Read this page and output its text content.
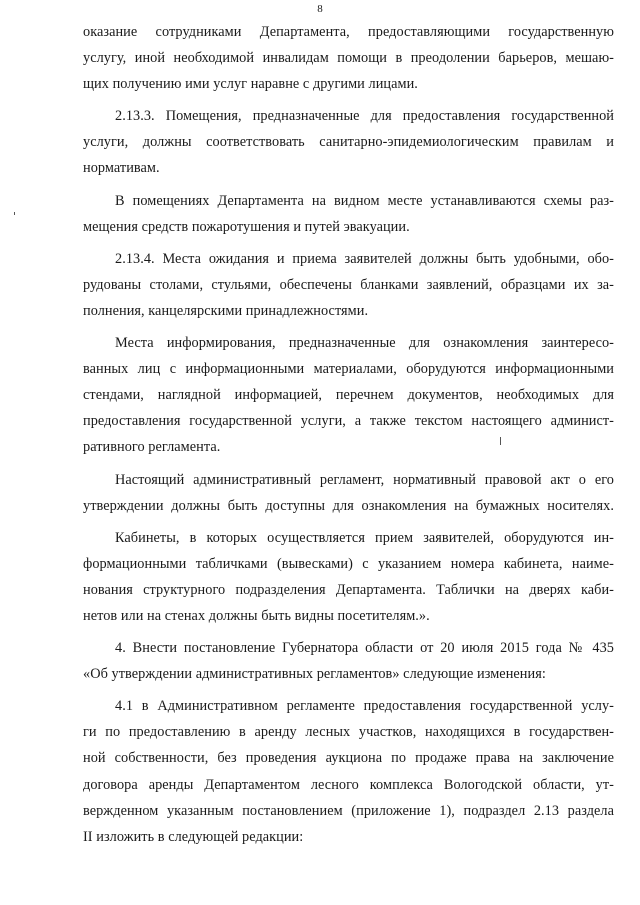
8
оказание сотрудниками Департамента, предоставляющими государственную
услугу, иной необходимой инвалидам помощи в преодолении барьеров, мешаю-
щих получению ими услуг наравне с другими лицами.
2.13.3. Помещения, предназначенные для предоставления государственной
услуги, должны соответствовать санитарно-эпидемиологическим правилам и
нормативам.
В помещениях Департамента на видном месте устанавливаются схемы раз-
мещения средств пожаротушения и путей эвакуации.
2.13.4. Места ожидания и приема заявителей должны быть удобными, обо-
рудованы столами, стульями, обеспечены бланками заявлений, образцами их за-
полнения, канцелярскими принадлежностями.
Места информирования, предназначенные для ознакомления заинтересо-
ванных лиц с информационными материалами, оборудуются информационными
стендами, наглядной информацией, перечнем документов, необходимых для
предоставления государственной услуги, а также текстом настоящего админист-
ративного регламента.
Настоящий административный регламент, нормативный правовой акт о его
утверждении должны быть доступны для ознакомления на бумажных носителях.
Кабинеты, в которых осуществляется прием заявителей, оборудуются ин-
формационными табличками (вывесками) с указанием номера кабинета, наиме-
нования структурного подразделения Департамента. Таблички на дверях каби-
нетов или на стенах должны быть видны посетителям.».
4. Внести постановление Губернатора области от 20 июля 2015 года № 435
«Об утверждении административных регламентов» следующие изменения:
4.1 в Административном регламенте предоставления государственной услу-
ги по предоставлению в аренду лесных участков, находящихся в государствен-
ной собственности, без проведения аукциона по продаже права на заключение
договора аренды Департаментом лесного комплекса Вологодской области, ут-
вержденном указанным постановлением (приложение 1), подраздел 2.13 раздела
II изложить в следующей редакции:
